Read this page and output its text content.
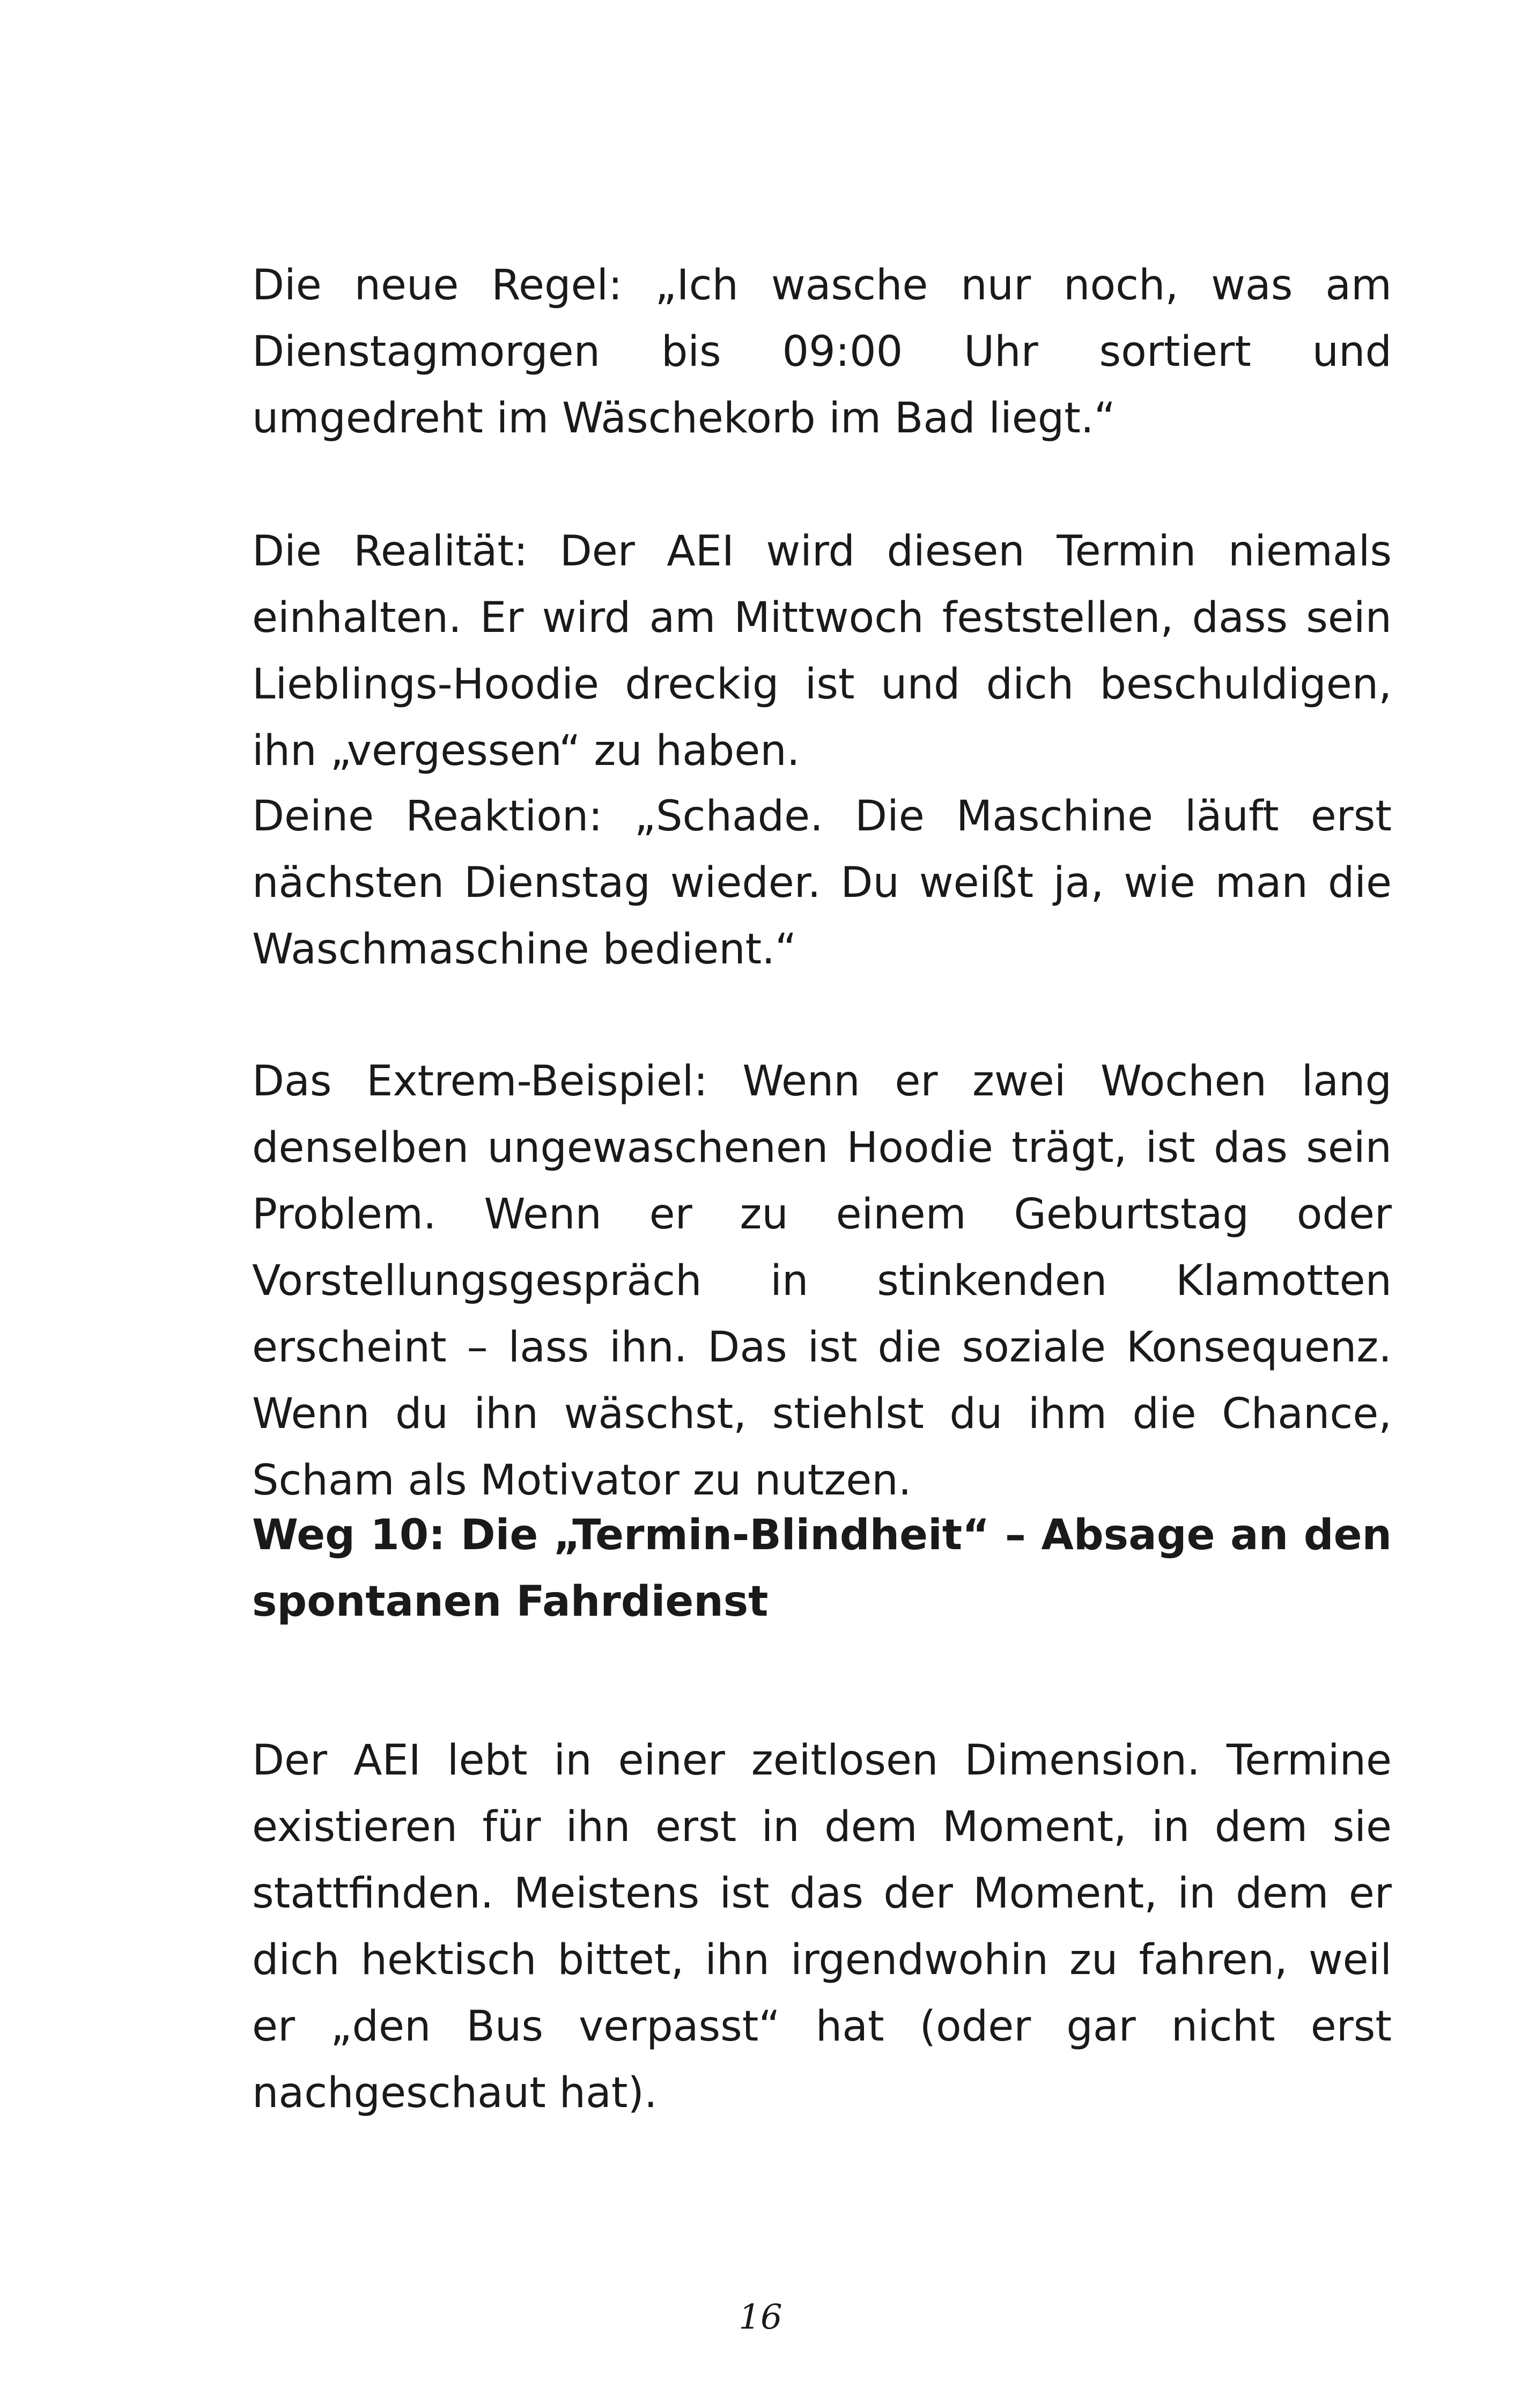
Die neue Regel: „Ich wasche nur noch, was am Dienstagmorgen bis 09:00 Uhr sortiert und umgedreht im Wäschekorb im Bad liegt.“

Die Realität: Der AEI wird diesen Termin niemals einhalten. Er wird am Mittwoch feststellen, dass sein Lieblings-Hoodie dreckig ist und dich beschuldigen, ihn „vergessen“ zu haben.

Deine Reaktion: „Schade. Die Maschine läuft erst nächsten Dienstag wieder. Du weißt ja, wie man die Waschmaschine bedient.“

Das Extrem-Beispiel: Wenn er zwei Wochen lang denselben ungewaschenen Hoodie trägt, ist das sein Problem. Wenn er zu einem Geburtstag oder Vorstellungsgespräch in stinkenden Klamotten erscheint – lass ihn. Das ist die soziale Konsequenz. Wenn du ihn wäschst, stiehlst du ihm die Chance, Scham als Motivator zu nutzen.

Weg 10: Die „Termin-Blindheit“ – Absage an den spontanen Fahrdienst

Der AEI lebt in einer zeitlosen Dimension. Termine existieren für ihn erst in dem Moment, in dem sie stattfinden. Meistens ist das der Moment, in dem er dich hektisch bittet, ihn irgendwohin zu fahren, weil er „den Bus verpasst“ hat (oder gar nicht erst nachgeschaut hat).

16
